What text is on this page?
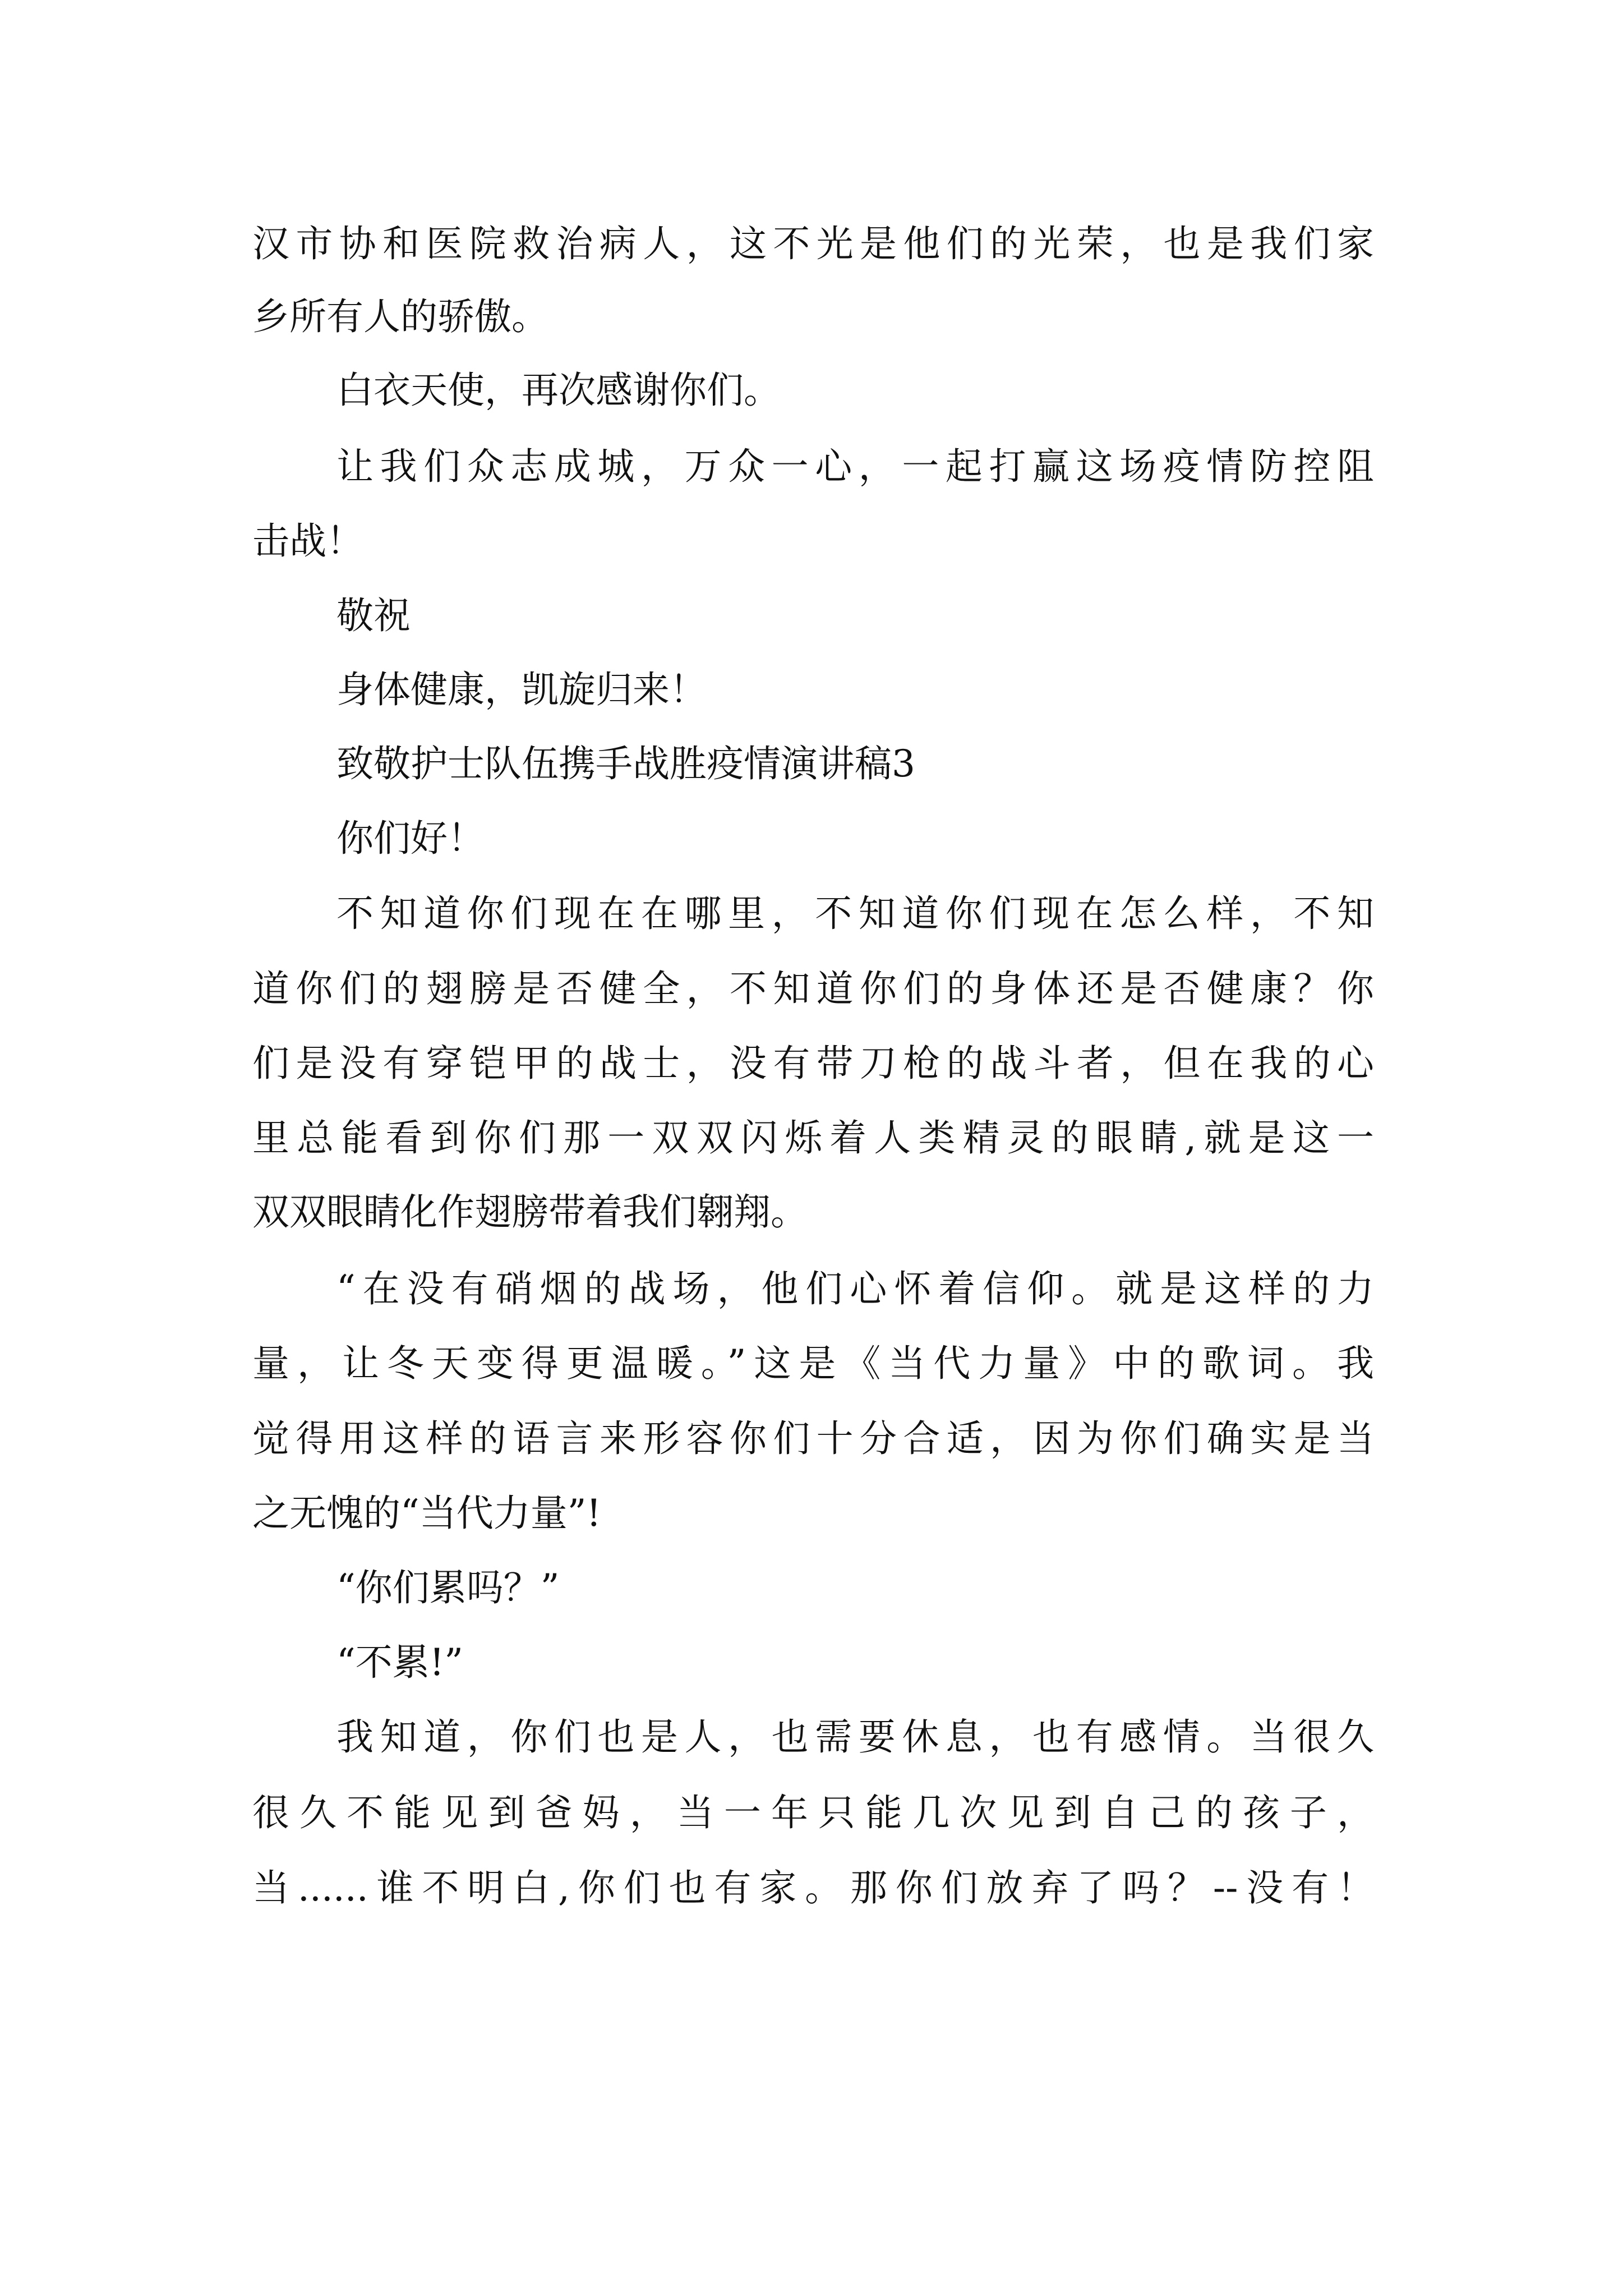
汉市协和医院救治病人，这不光是他们的光荣，也是我们家
乡所有人的骄傲。
白衣天使，再次感谢你们。
让我们众志成城，万众一心，一起打赢这场疫情防控阻
击战！
敬祝
身体健康，凯旋归来！
致敬护士队伍携手战胜疫情演讲稿3
你们好！
不知道你们现在在哪里，不知道你们现在怎么样，不知
道你们的翅膀是否健全，不知道你们的身体还是否健康？你
们是没有穿铠甲的战士，没有带刀枪的战斗者，但在我的心
里总能看到你们那一双双闪烁着人类精灵的眼睛,就是这一
双双眼睛化作翅膀带着我们翱翔。
“在没有硝烟的战场，他们心怀着信仰。就是这样的力
量，让冬天变得更温暖。”这是《当代力量》中的歌词。我
觉得用这样的语言来形容你们十分合适，因为你们确实是当
之无愧的“当代力量”!
“你们累吗？”
“不累!”
我知道，你们也是人，也需要休息，也有感情。当很久
很久不能见到爸妈，当一年只能几次见到自己的孩子，
当......谁不明白,你们也有家。那你们放弃了吗？--没有！
